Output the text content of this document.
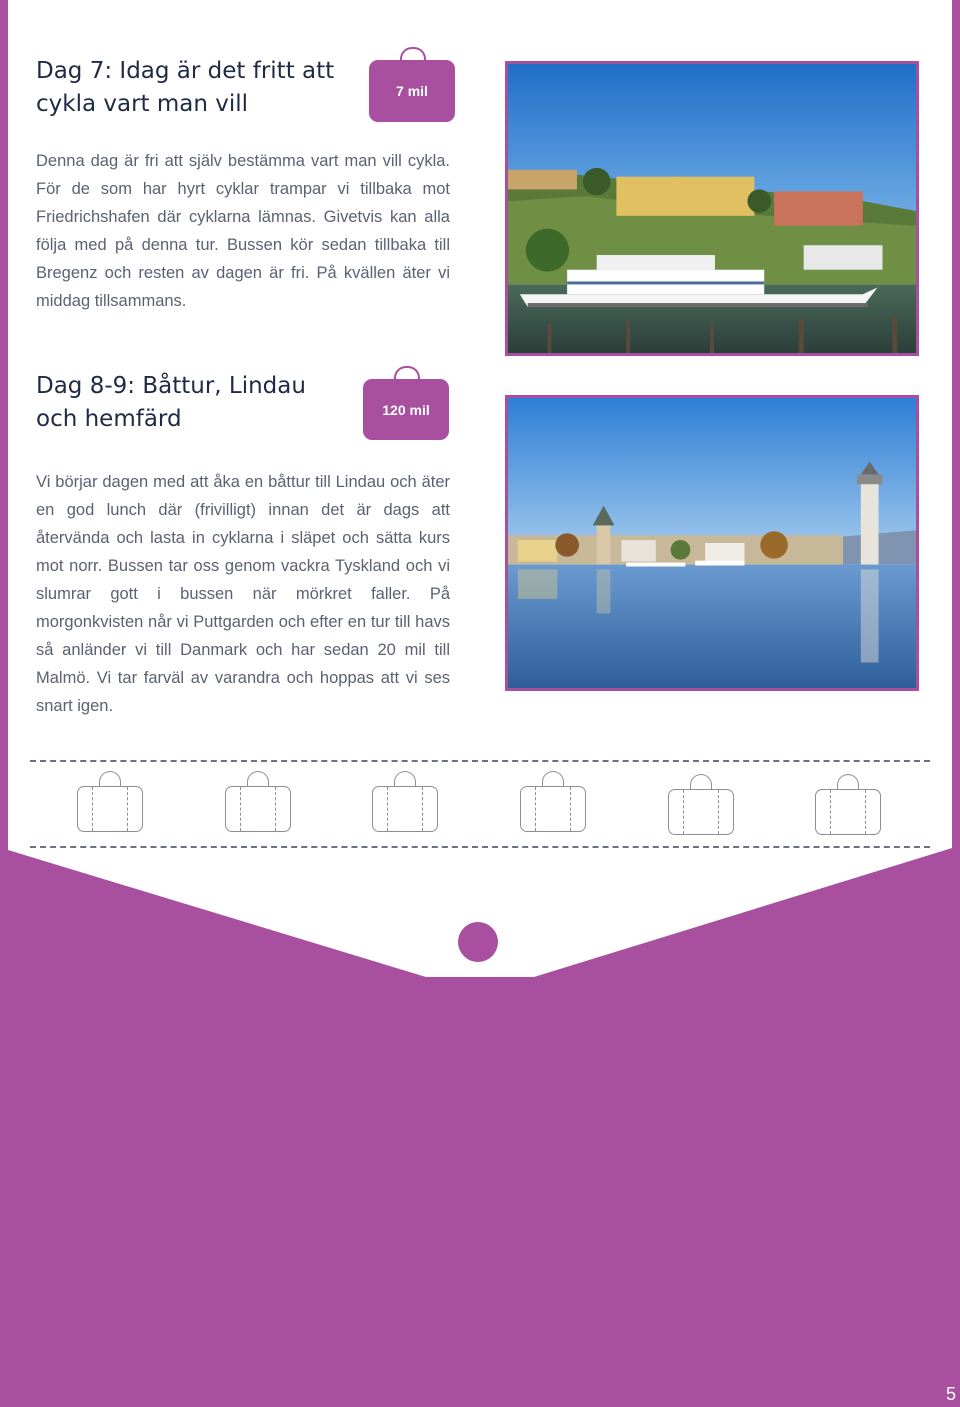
Dag 7: Idag är det fritt att
cykla vart man vill	7 mil

Denna dag är fri att själv bestämma vart man vill cykla. För de som har hyrt cyklar trampar vi tillbaka mot Friedrichshafen där cyklarna lämnas. Givetvis kan alla följa med på denna tur. Bussen kör sedan tillbaka till Bregenz och resten av dagen är fri. På kvällen äter vi middag tillsammans.

Dag 8-9: Båttur, Lindau
och hemfärd	120 mil

Vi börjar dagen med att åka en båttur till Lindau och äter en god lunch där (frivilligt) innan det är dags att återvända och lasta in cyklarna i släpet och sätta kurs mot norr. Bussen tar oss genom vackra Tyskland och vi slumrar gott i bussen när mörkret faller. På morgonkvisten når vi Puttgarden och efter en tur till havs så anländer vi till Danmark och har sedan 20 mil till Malmö. Vi tar farväl av varandra och hoppas att vi ses snart igen.

5
